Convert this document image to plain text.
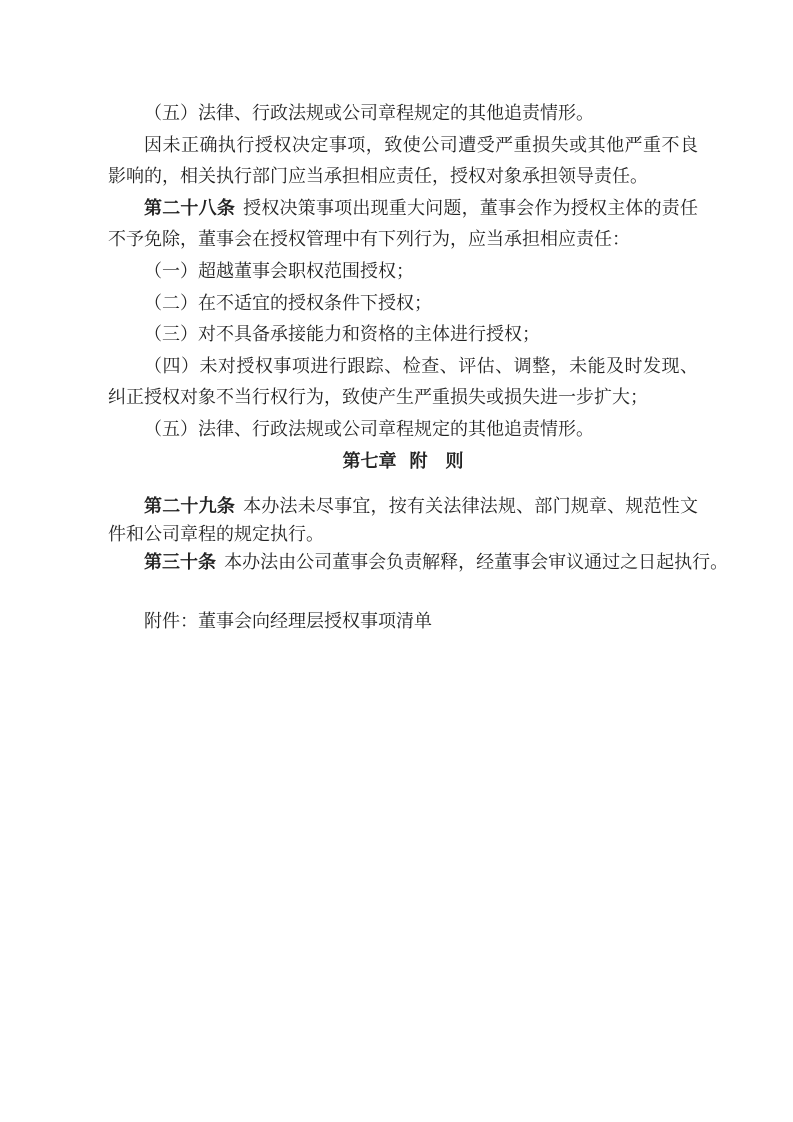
（五）法律、行政法规或公司章程规定的其他追责情形。

因未正确执行授权决定事项，致使公司遭受严重损失或其他严重不良影响的，相关执行部门应当承担相应责任，授权对象承担领导责任。

第二十八条 授权决策事项出现重大问题，董事会作为授权主体的责任不予免除，董事会在授权管理中有下列行为，应当承担相应责任：

（一）超越董事会职权范围授权；

（二）在不适宜的授权条件下授权；

（三）对不具备承接能力和资格的主体进行授权；

（四）未对授权事项进行跟踪、检查、评估、调整，未能及时发现、纠正授权对象不当行权行为，致使产生严重损失或损失进一步扩大；

（五）法律、行政法规或公司章程规定的其他追责情形。

第七章 附　则

第二十九条 本办法未尽事宜，按有关法律法规、部门规章、规范性文件和公司章程的规定执行。

第三十条 本办法由公司董事会负责解释，经董事会审议通过之日起执行。

附件：董事会向经理层授权事项清单
